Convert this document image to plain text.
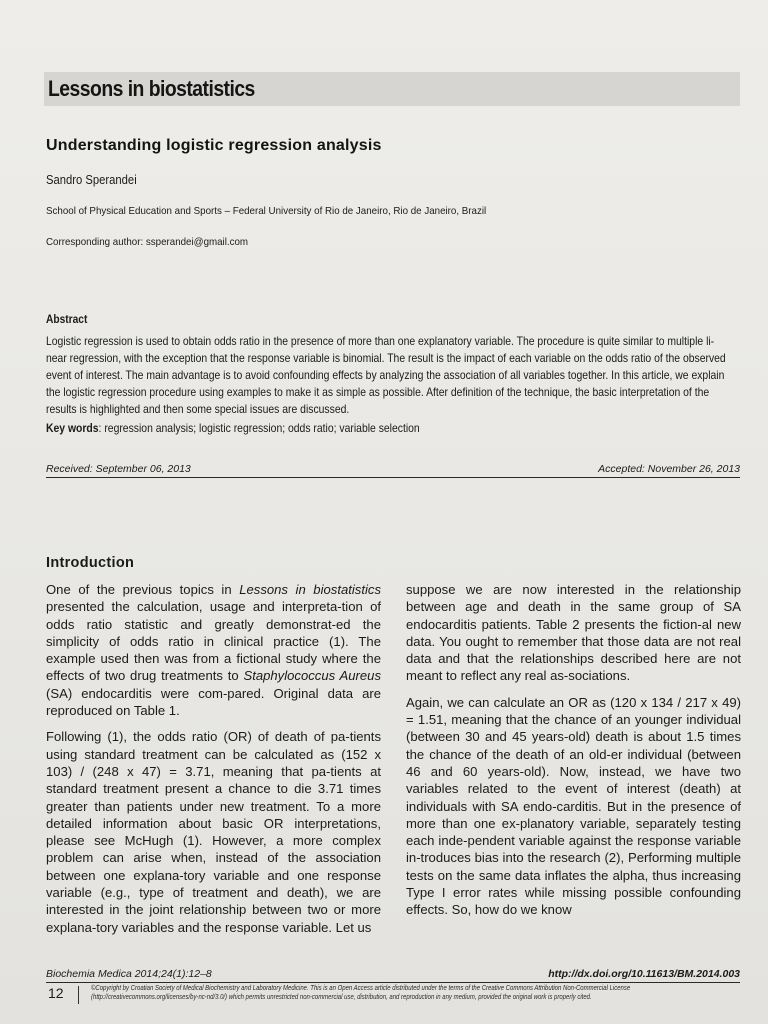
Lessons in biostatistics
Understanding logistic regression analysis
Sandro Sperandei
School of Physical Education and Sports – Federal University of Rio de Janeiro, Rio de Janeiro, Brazil
Corresponding author: ssperandei@gmail.com
Abstract
Logistic regression is used to obtain odds ratio in the presence of more than one explanatory variable. The procedure is quite similar to multiple li-
near regression, with the exception that the response variable is binomial. The result is the impact of each variable on the odds ratio of the observed
event of interest. The main advantage is to avoid confounding effects by analyzing the association of all variables together. In this article, we explain
the logistic regression procedure using examples to make it as simple as possible. After definition of the technique, the basic interpretation of the
results is highlighted and then some special issues are discussed.
Key words: regression analysis; logistic regression; odds ratio; variable selection
Received: September 06, 2013	Accepted: November 26, 2013
Introduction

One of the previous topics in Lessons in biostatistics presented the calculation, usage and interpreta-tion of odds ratio statistic and greatly demonstrat-ed the simplicity of odds ratio in clinical practice (1). The example used then was from a fictional study where the effects of two drug treatments to Staphylococcus Aureus (SA) endocarditis were com-pared. Original data are reproduced on Table 1.

Following (1), the odds ratio (OR) of death of pa-tients using standard treatment can be calculated as (152 x 103) / (248 x 47) = 3.71, meaning that pa-tients at standard treatment present a chance to die 3.71 times greater than patients under new treatment. To a more detailed information about basic OR interpretations, please see McHugh (1). However, a more complex problem can arise when, instead of the association between one explana-tory variable and one response variable (e.g., type of treatment and death), we are interested in the joint relationship between two or more explana-tory variables and the response variable. Let us

suppose we are now interested in the relationship between age and death in the same group of SA endocarditis patients. Table 2 presents the fiction-al new data. You ought to remember that those data are not real data and that the relationships described here are not meant to reflect any real as-sociations.

Again, we can calculate an OR as (120 x 134 / 217 x 49) = 1.51, meaning that the chance of an younger individual (between 30 and 45 years-old) death is about 1.5 times the chance of the death of an old-er individual (between 46 and 60 years-old). Now, instead, we have two variables related to the event of interest (death) at individuals with SA endo-carditis. But in the presence of more than one ex-planatory variable, separately testing each inde-pendent variable against the response variable in-troduces bias into the research (2), Performing multiple tests on the same data inflates the alpha, thus increasing Type I error rates while missing possible confounding effects. So, how do we know

Biochemia Medica 2014;24(1):12–8	http://dx.doi.org/10.11613/BM.2014.003
12	©Copyright by Croatian Society of Medical Biochemistry and Laboratory Medicine. This is an Open Access article distributed under the terms of the Creative Commons Attribution Non-Commercial License
(http://creativecommons.org/licenses/by-nc-nd/3.0/) which permits unrestricted non-commercial use, distribution, and reproduction in any medium, provided the original work is properly cited.
